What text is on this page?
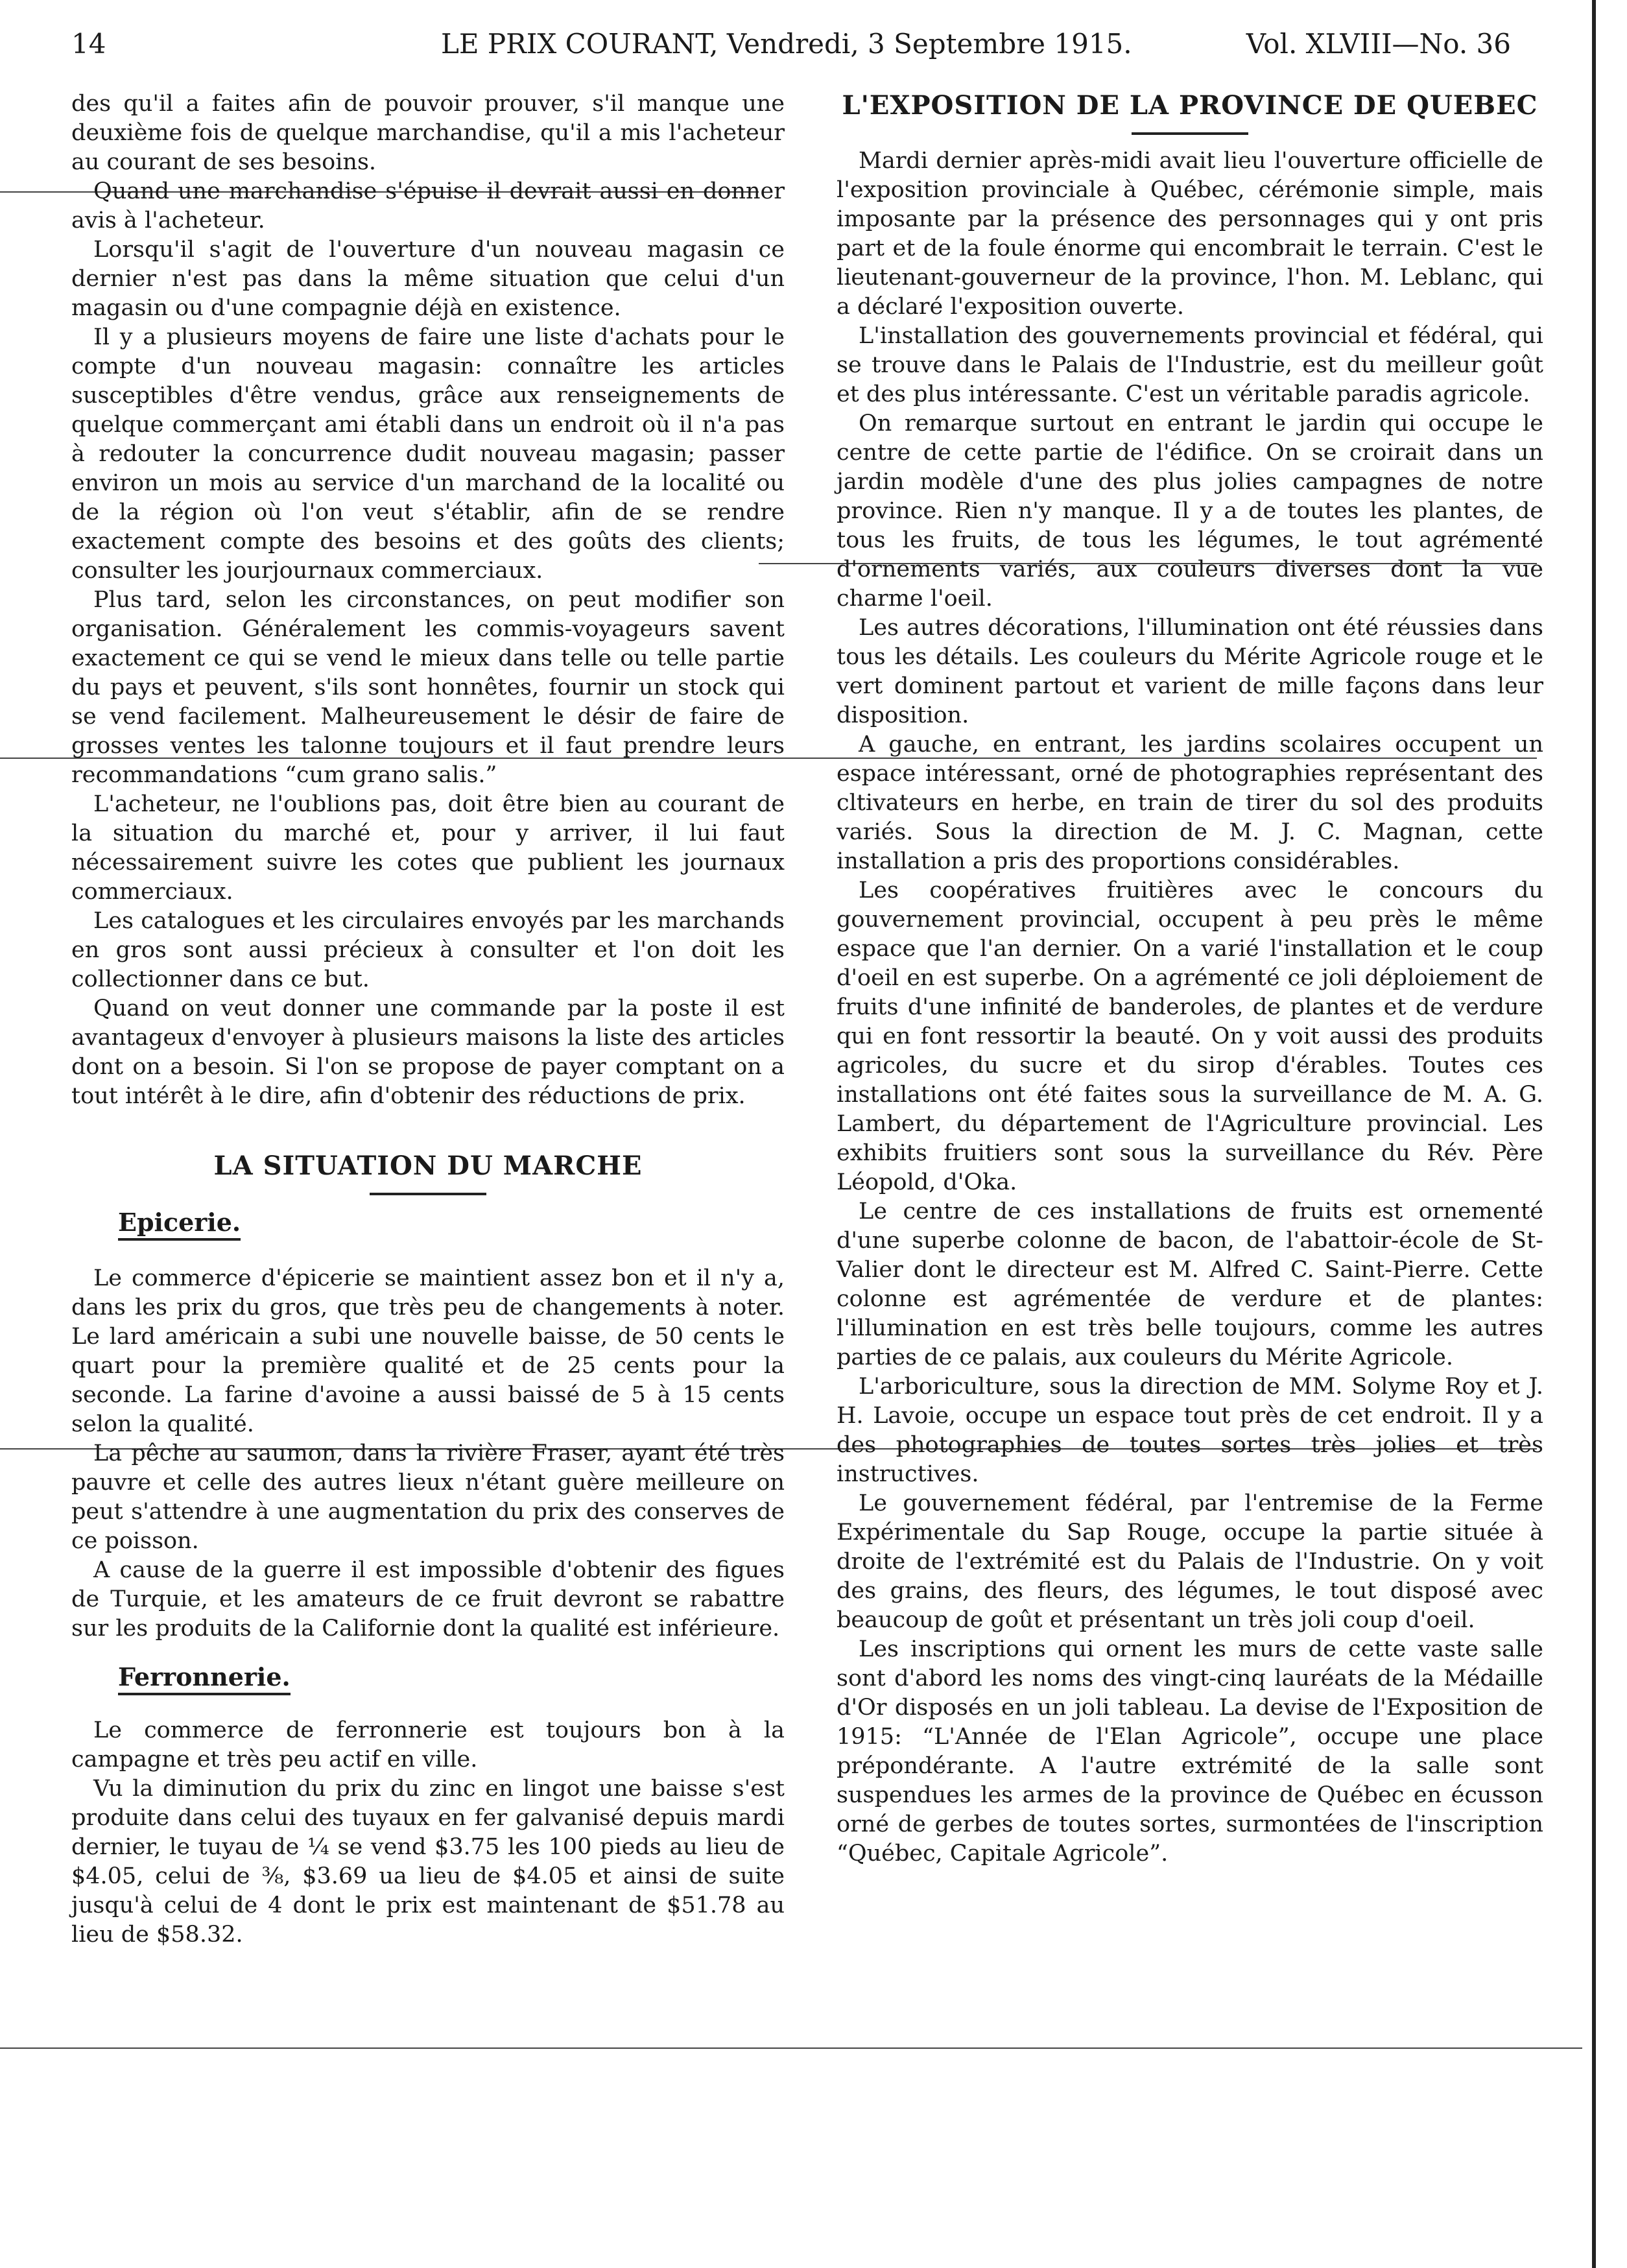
14	LE PRIX COURANT, Vendredi, 3 Septembre 1915.	Vol. XLVIII—No. 36

des qu'il a faites afin de pouvoir prouver, s'il manque une deuxième fois de quelque marchandise, qu'il a mis l'acheteur au courant de ses besoins.

Quand une marchandise s'épuise il devrait aussi en donner avis à l'acheteur.

Lorsqu'il s'agit de l'ouverture d'un nouveau magasin ce dernier n'est pas dans la même situation que celui d'un magasin ou d'une compagnie déjà en existence.

Il y a plusieurs moyens de faire une liste d'achats pour le compte d'un nouveau magasin: connaître les articles susceptibles d'être vendus, grâce aux renseignements de quelque commerçant ami établi dans un endroit où il n'a pas à redouter la concurrence dudit nouveau magasin; passer environ un mois au service d'un marchand de la localité ou de la région où l'on veut s'établir, afin de se rendre exactement compte des besoins et des goûts des clients; consulter les jourjournaux commerciaux.

Plus tard, selon les circonstances, on peut modifier son organisation. Généralement les commis-voyageurs savent exactement ce qui se vend le mieux dans telle ou telle partie du pays et peuvent, s'ils sont honnêtes, fournir un stock qui se vend facilement. Malheureusement le désir de faire de grosses ventes les talonne toujours et il faut prendre leurs recommandations “cum grano salis.”

L'acheteur, ne l'oublions pas, doit être bien au courant de la situation du marché et, pour y arriver, il lui faut nécessairement suivre les cotes que publient les journaux commerciaux.

Les catalogues et les circulaires envoyés par les marchands en gros sont aussi précieux à consulter et l'on doit les collectionner dans ce but.

Quand on veut donner une commande par la poste il est avantageux d'envoyer à plusieurs maisons la liste des articles dont on a besoin. Si l'on se propose de payer comptant on a tout intérêt à le dire, afin d'obtenir des réductions de prix.

LA SITUATION DU MARCHE
Epicerie.

Le commerce d'épicerie se maintient assez bon et il n'y a, dans les prix du gros, que très peu de changements à noter. Le lard américain a subi une nouvelle baisse, de 50 cents le quart pour la première qualité et de 25 cents pour la seconde. La farine d'avoine a aussi baissé de 5 à 15 cents selon la qualité.

La pêche au saumon, dans la rivière Fraser, ayant été très pauvre et celle des autres lieux n'étant guère meilleure on peut s'attendre à une augmentation du prix des conserves de ce poisson.

A cause de la guerre il est impossible d'obtenir des figues de Turquie, et les amateurs de ce fruit devront se rabattre sur les produits de la Californie dont la qualité est inférieure.

Ferronnerie.

Le commerce de ferronnerie est toujours bon à la campagne et très peu actif en ville.

Vu la diminution du prix du zinc en lingot une baisse s'est produite dans celui des tuyaux en fer galvanisé depuis mardi dernier, le tuyau de ¼ se vend $3.75 les 100 pieds au lieu de $4.05, celui de ⅜, $3.69 ua lieu de $4.05 et ainsi de suite jusqu'à celui de 4 dont le prix est maintenant de $51.78 au lieu de $58.32.

L'EXPOSITION DE LA PROVINCE DE QUEBEC

Mardi dernier après-midi avait lieu l'ouverture officielle de l'exposition provinciale à Québec, cérémonie simple, mais imposante par la présence des personnages qui y ont pris part et de la foule énorme qui encombrait le terrain. C'est le lieutenant-gouverneur de la province, l'hon. M. Leblanc, qui a déclaré l'exposition ouverte.

L'installation des gouvernements provincial et fédéral, qui se trouve dans le Palais de l'Industrie, est du meilleur goût et des plus intéressante. C'est un véritable paradis agricole.

On remarque surtout en entrant le jardin qui occupe le centre de cette partie de l'édifice. On se croirait dans un jardin modèle d'une des plus jolies campagnes de notre province. Rien n'y manque. Il y a de toutes les plantes, de tous les fruits, de tous les légumes, le tout agrémenté d'ornements variés, aux couleurs diverses dont la vue charme l'oeil.

Les autres décorations, l'illumination ont été réussies dans tous les détails. Les couleurs du Mérite Agricole rouge et le vert dominent partout et varient de mille façons dans leur disposition.

A gauche, en entrant, les jardins scolaires occupent un espace intéressant, orné de photographies représentant des cltivateurs en herbe, en train de tirer du sol des produits variés. Sous la direction de M. J. C. Magnan, cette installation a pris des proportions considérables.

Les coopératives fruitières avec le concours du gouvernement provincial, occupent à peu près le même espace que l'an dernier. On a varié l'installation et le coup d'oeil en est superbe. On a agrémenté ce joli déploiement de fruits d'une infinité de banderoles, de plantes et de verdure qui en font ressortir la beauté. On y voit aussi des produits agricoles, du sucre et du sirop d'érables. Toutes ces installations ont été faites sous la surveillance de M. A. G. Lambert, du département de l'Agriculture provincial. Les exhibits fruitiers sont sous la surveillance du Rév. Père Léopold, d'Oka.

Le centre de ces installations de fruits est ornementé d'une superbe colonne de bacon, de l'abattoir-école de St-Valier dont le directeur est M. Alfred C. Saint-Pierre. Cette colonne est agrémentée de verdure et de plantes: l'illumination en est très belle toujours, comme les autres parties de ce palais, aux couleurs du Mérite Agricole.

L'arboriculture, sous la direction de MM. Solyme Roy et J. H. Lavoie, occupe un espace tout près de cet endroit. Il y a des photographies de toutes sortes très jolies et très instructives.

Le gouvernement fédéral, par l'entremise de la Ferme Expérimentale du Sap Rouge, occupe la partie située à droite de l'extrémité est du Palais de l'Industrie. On y voit des grains, des fleurs, des légumes, le tout disposé avec beaucoup de goût et présentant un très joli coup d'oeil.

Les inscriptions qui ornent les murs de cette vaste salle sont d'abord les noms des vingt-cinq lauréats de la Médaille d'Or disposés en un joli tableau. La devise de l'Exposition de 1915: “L'Année de l'Elan Agricole”, occupe une place prépondérante. A l'autre extrémité de la salle sont suspendues les armes de la province de Québec en écusson orné de gerbes de toutes sortes, surmontées de l'inscription “Québec, Capitale Agricole”.
